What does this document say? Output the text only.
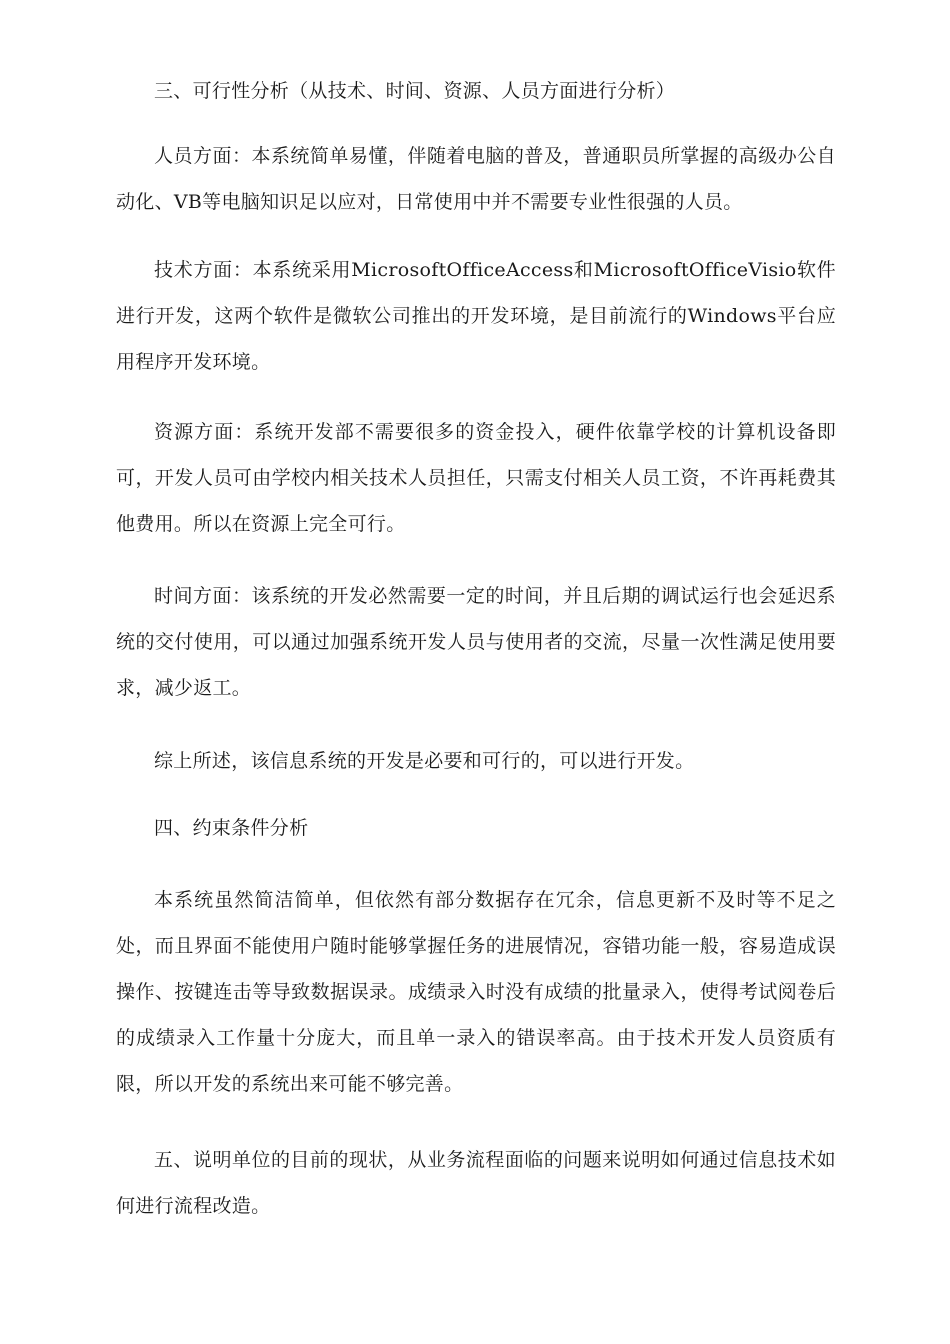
三、可行性分析（从技术、时间、资源、人员方面进行分析）

人员方面：本系统简单易懂，伴随着电脑的普及，普通职员所掌握的高级办公自动化、VB等电脑知识足以应对，日常使用中并不需要专业性很强的人员。

技术方面：本系统采用MicrosoftOfficeAccess和MicrosoftOfficeVisio软件进行开发，这两个软件是微软公司推出的开发环境，是目前流行的Windows平台应用程序开发环境。

资源方面：系统开发部不需要很多的资金投入，硬件依靠学校的计算机设备即可，开发人员可由学校内相关技术人员担任，只需支付相关人员工资，不许再耗费其他费用。所以在资源上完全可行。

时间方面：该系统的开发必然需要一定的时间，并且后期的调试运行也会延迟系统的交付使用，可以通过加强系统开发人员与使用者的交流，尽量一次性满足使用要求，减少返工。

综上所述，该信息系统的开发是必要和可行的，可以进行开发。

四、约束条件分析

本系统虽然简洁简单，但依然有部分数据存在冗余，信息更新不及时等不足之处，而且界面不能使用户随时能够掌握任务的进展情况，容错功能一般，容易造成误操作、按键连击等导致数据误录。成绩录入时没有成绩的批量录入，使得考试阅卷后的成绩录入工作量十分庞大，而且单一录入的错误率高。由于技术开发人员资质有限，所以开发的系统出来可能不够完善。

五、说明单位的目前的现状，从业务流程面临的问题来说明如何通过信息技术如何进行流程改造。
